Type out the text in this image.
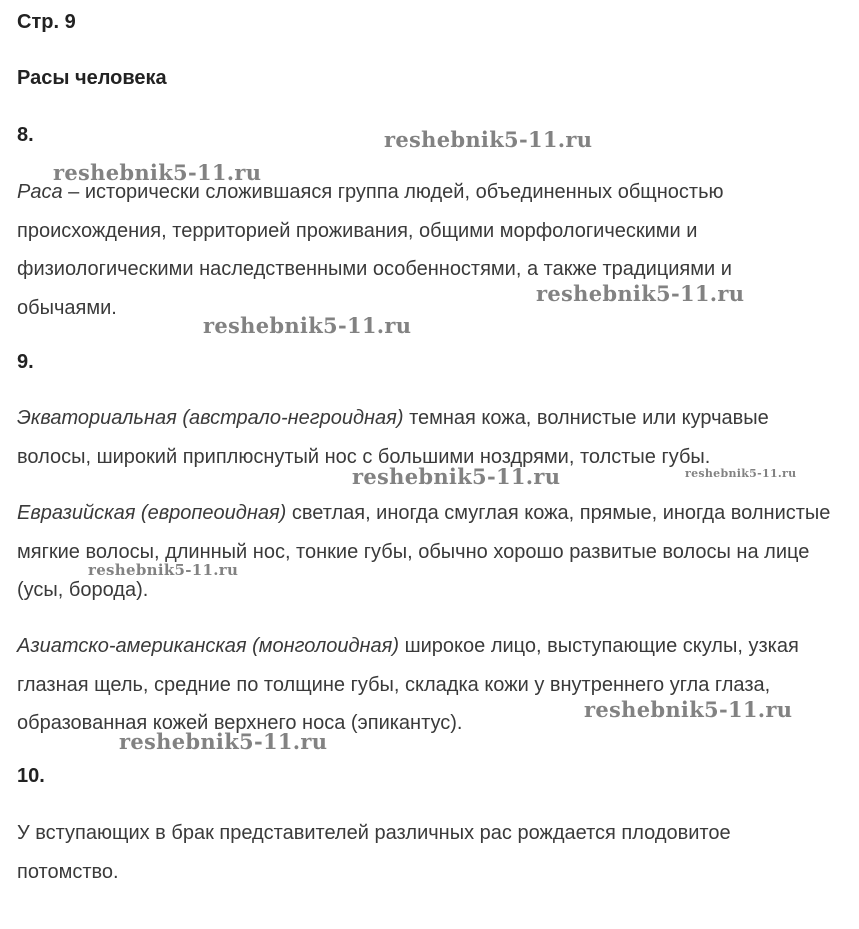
Стр. 9
Расы человека
8.
Раса – исторически сложившаяся группа людей, объединенных общностью происхождения, территорией проживания, общими морфологическими и физиологическими наследственными особенностями, а также традициями и обычаями.
9.
Экваториальная (австрало-негроидная) темная кожа, волнистые или курчавые волосы, широкий приплюснутый нос с большими ноздрями, толстые губы.
Евразийская (европеоидная) светлая, иногда смуглая кожа, прямые, иногда волнистые мягкие волосы, длинный нос, тонкие губы, обычно хорошо развитые волосы на лице (усы, борода).
Азиатско-американская (монголоидная) широкое лицо, выступающие скулы, узкая глазная щель, средние по толщине губы, складка кожи у внутреннего угла глаза, образованная кожей верхнего носа (эпикантус).
10.
У вступающих в брак представителей различных рас рождается плодовитое потомство.
reshebnik5-11.ru
reshebnik5-11.ru
reshebnik5-11.ru
reshebnik5-11.ru
reshebnik5-11.ru	reshebnik5-11.ru
reshebnik5-11.ru
reshebnik5-11.ru
reshebnik5-11.ru
